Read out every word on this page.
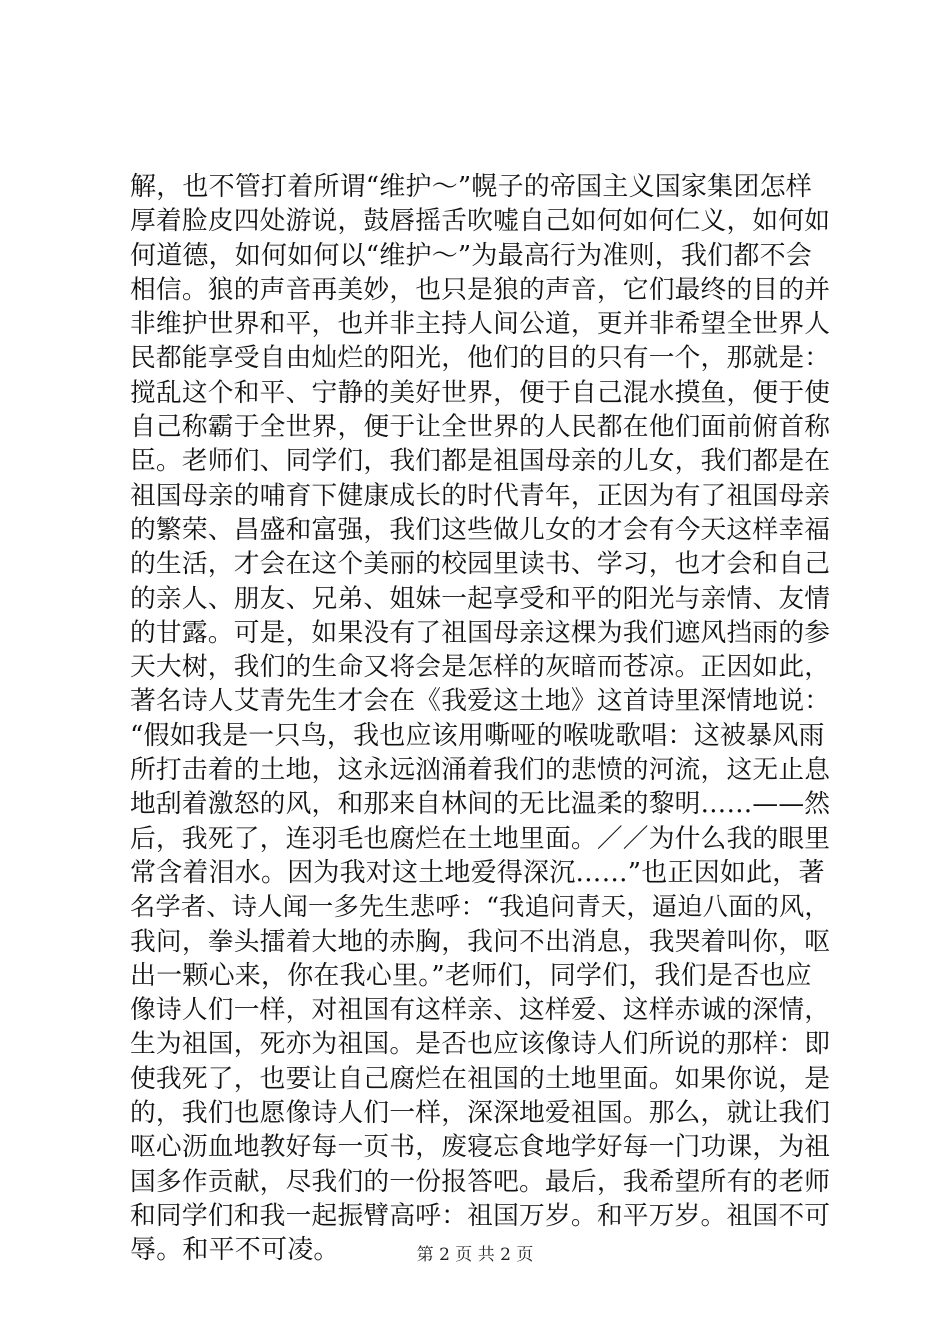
解，也不管打着所谓“维护～”幌子的帝国主义国家集团怎样
厚着脸皮四处游说，鼓唇摇舌吹嘘自己如何如何仁义，如何如
何道德，如何如何以“维护～”为最高行为准则，我们都不会
相信。狼的声音再美妙，也只是狼的声音，它们最终的目的并
非维护世界和平，也并非主持人间公道，更并非希望全世界人
民都能享受自由灿烂的阳光，他们的目的只有一个，那就是：
搅乱这个和平、宁静的美好世界，便于自己混水摸鱼，便于使
自己称霸于全世界，便于让全世界的人民都在他们面前俯首称
臣。老师们、同学们，我们都是祖国母亲的儿女，我们都是在
祖国母亲的哺育下健康成长的时代青年，正因为有了祖国母亲
的繁荣、昌盛和富强，我们这些做儿女的才会有今天这样幸福
的生活，才会在这个美丽的校园里读书、学习，也才会和自己
的亲人、朋友、兄弟、姐妹一起享受和平的阳光与亲情、友情
的甘露。可是，如果没有了祖国母亲这棵为我们遮风挡雨的参
天大树，我们的生命又将会是怎样的灰暗而苍凉。正因如此，
著名诗人艾青先生才会在《我爱这土地》这首诗里深情地说：
“假如我是一只鸟，我也应该用嘶哑的喉咙歌唱：这被暴风雨
所打击着的土地，这永远汹涌着我们的悲愤的河流，这无止息
地刮着激怒的风，和那来自林间的无比温柔的黎明……——然
后，我死了，连羽毛也腐烂在土地里面。／／为什么我的眼里
常含着泪水。因为我对这土地爱得深沉……”也正因如此，著
名学者、诗人闻一多先生悲呼：“我追问青天，逼迫八面的风，
我问，拳头擂着大地的赤胸，我问不出消息，我哭着叫你，呕
出一颗心来，你在我心里。”老师们，同学们，我们是否也应
像诗人们一样，对祖国有这样亲、这样爱、这样赤诚的深情，
生为祖国，死亦为祖国。是否也应该像诗人们所说的那样：即
使我死了，也要让自己腐烂在祖国的土地里面。如果你说，是
的，我们也愿像诗人们一样，深深地爱祖国。那么，就让我们
呕心沥血地教好每一页书，废寝忘食地学好每一门功课，为祖
国多作贡献，尽我们的一份报答吧。最后，我希望所有的老师
和同学们和我一起振臂高呼：祖国万岁。和平万岁。祖国不可
辱。和平不可凌。	第 2 页 共 2 页
